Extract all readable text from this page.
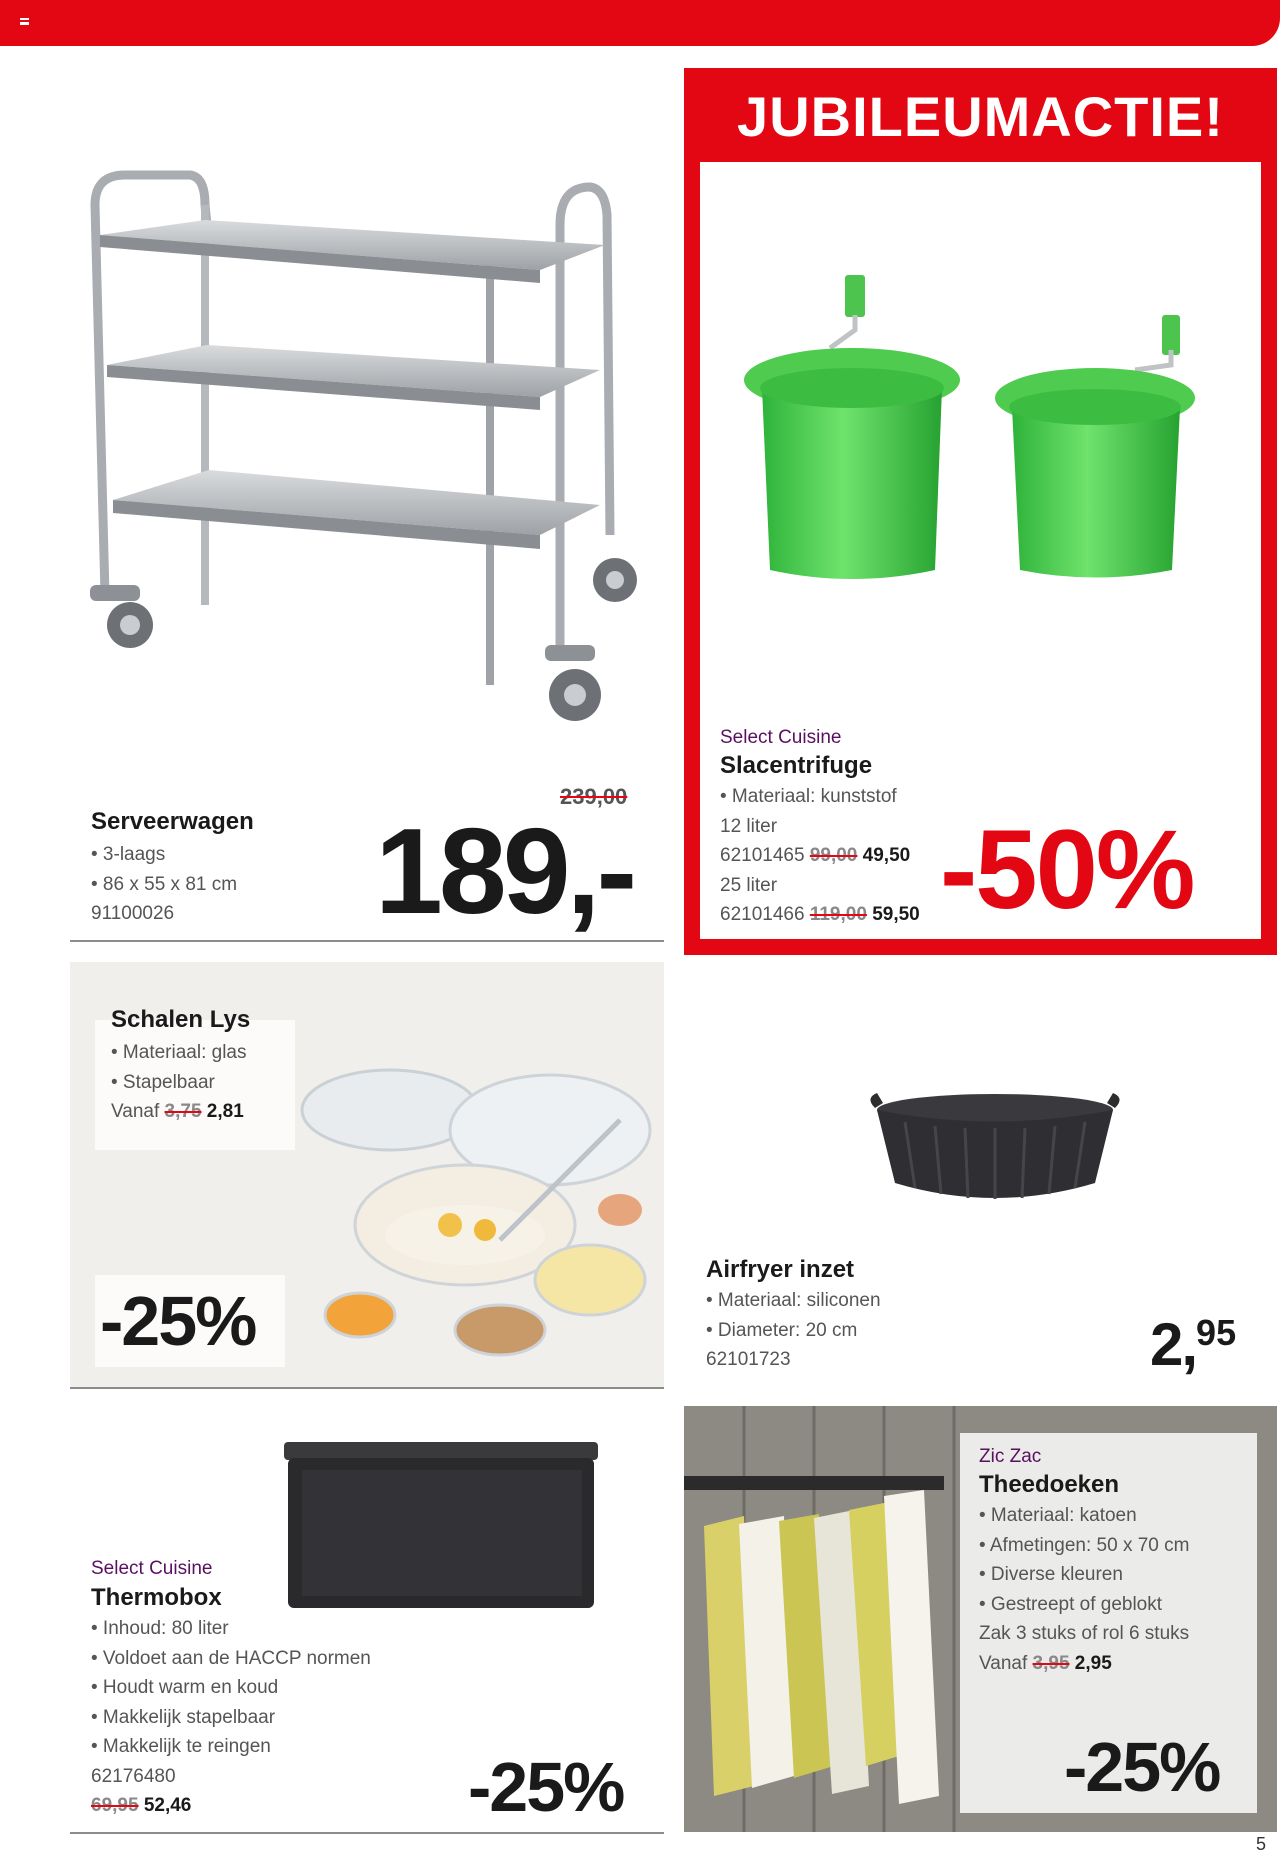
Serveerwagen
• 3-laags
• 86 x 55 x 81 cm
91100026
239,00
189,-
JUBILEUMACTIE!
Select Cuisine
Slacentrifuge
• Materiaal: kunststof
12 liter
62101465 99,00 49,50
25 liter
62101466 119,00 59,50 -50%
Schalen Lys
• Materiaal: glas
• Stapelbaar
Vanaf 3,75 2,81
-25%
Airfryer inzet
• Materiaal: siliconen
• Diameter: 20 cm
62101723	2,95
Select Cuisine
Thermobox
• Inhoud: 80 liter
• Voldoet aan de HACCP normen
• Houdt warm en koud
• Makkelijk stapelbaar
• Makkelijk te reingen
62176480
69,95 52,46	-25%
Zic Zac
Theedoeken
• Materiaal: katoen
• Afmetingen: 50 x 70 cm
• Diverse kleuren
• Gestreept of geblokt
Zak 3 stuks of rol 6 stuks
Vanaf 3,95 2,95
-25%
5
